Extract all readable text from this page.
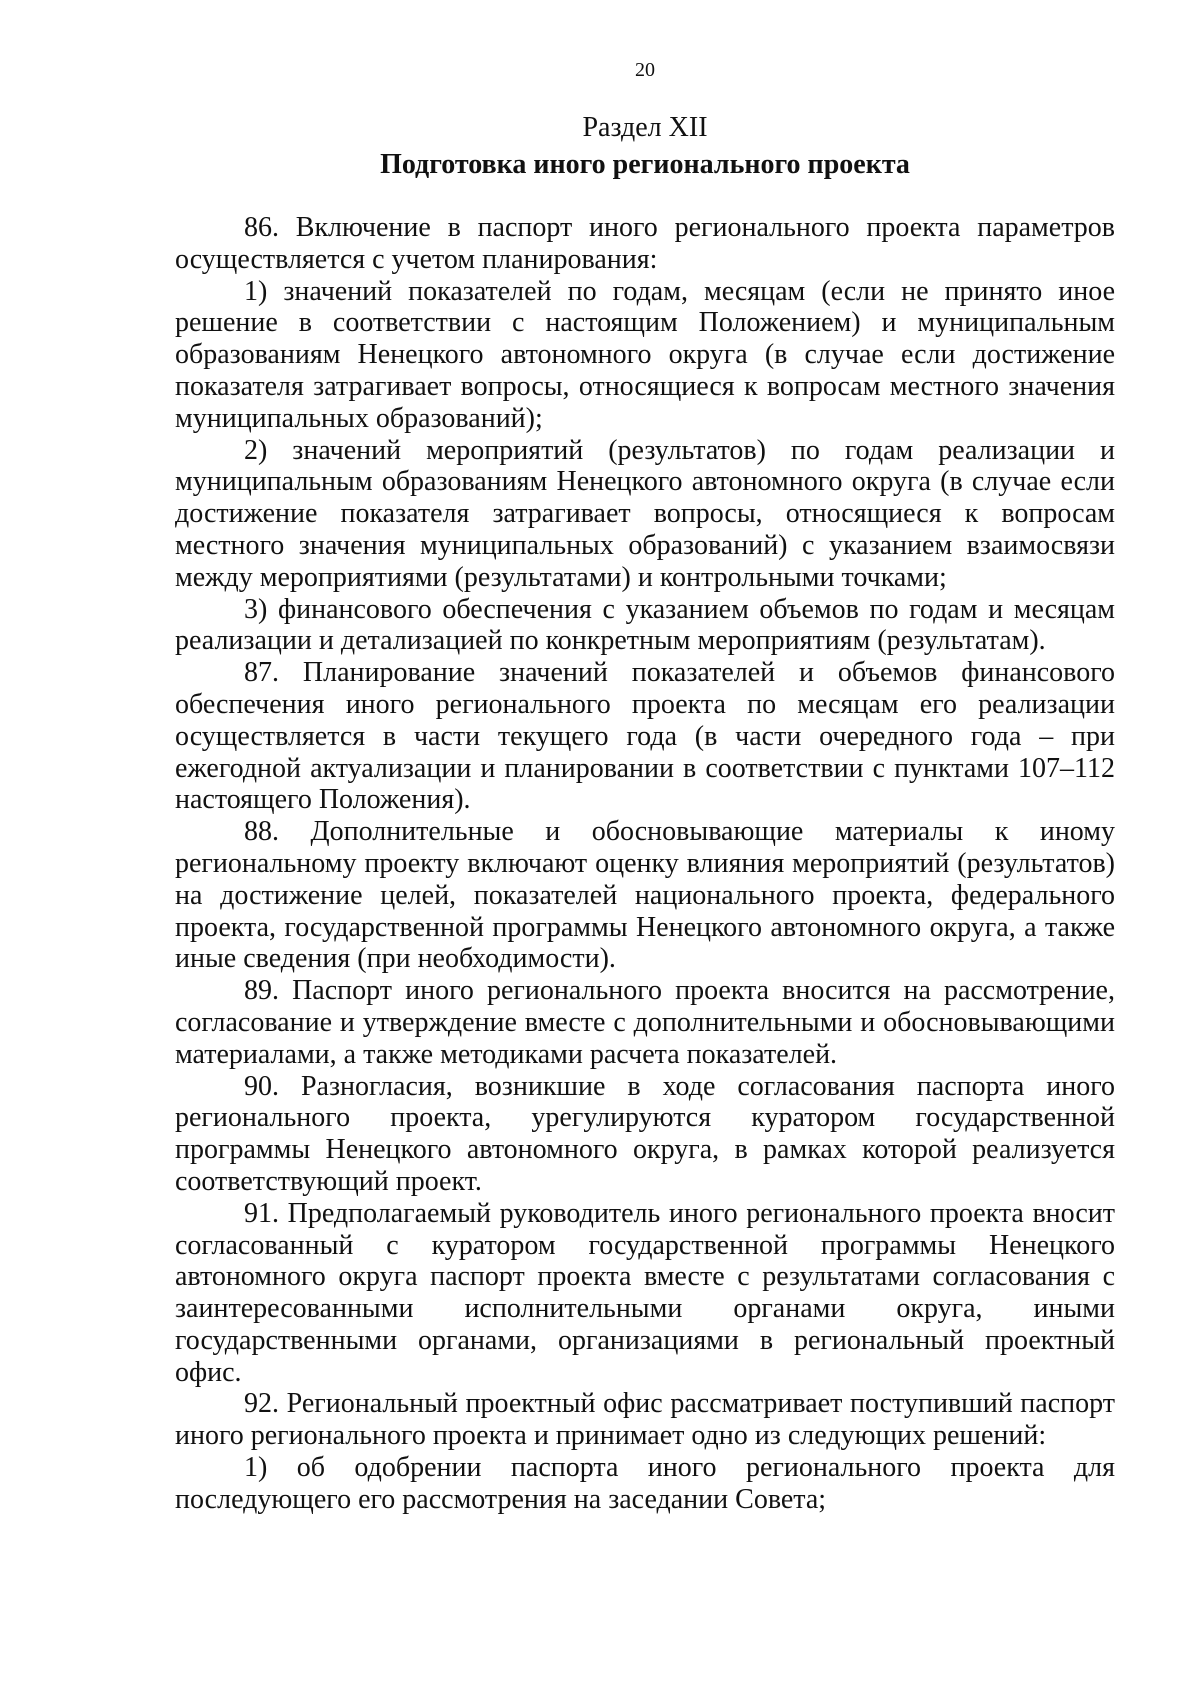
20
Раздел XII
Подготовка иного регионального проекта

86. Включение в паспорт иного регионального проекта параметров осуществляется с учетом планирования:

1) значений показателей по годам, месяцам (если не принято иное решение в соответствии с настоящим Положением) и муниципальным образованиям Ненецкого автономного округа (в случае если достижение показателя затрагивает вопросы, относящиеся к вопросам местного значения муниципальных образований);

2) значений мероприятий (результатов) по годам реализации и муниципальным образованиям Ненецкого автономного округа (в случае если достижение показателя затрагивает вопросы, относящиеся к вопросам местного значения муниципальных образований) с указанием взаимосвязи между мероприятиями (результатами) и контрольными точками;

3) финансового обеспечения с указанием объемов по годам и месяцам реализации и детализацией по конкретным мероприятиям (результатам).

87. Планирование значений показателей и объемов финансового обеспечения иного регионального проекта по месяцам его реализации осуществляется в части текущего года (в части очередного года – при ежегодной актуализации и планировании в соответствии с пунктами 107–112 настоящего Положения).

88. Дополнительные и обосновывающие материалы к иному региональному проекту включают оценку влияния мероприятий (результатов) на достижение целей, показателей национального проекта, федерального проекта, государственной программы Ненецкого автономного округа, а также иные сведения (при необходимости).

89. Паспорт иного регионального проекта вносится на рассмотрение, согласование и утверждение вместе с дополнительными и обосновывающими материалами, а также методиками расчета показателей.

90. Разногласия, возникшие в ходе согласования паспорта иного регионального проекта, урегулируются куратором государственной программы Ненецкого автономного округа, в рамках которой реализуется соответствующий проект.

91. Предполагаемый руководитель иного регионального проекта вносит согласованный с куратором государственной программы Ненецкого автономного округа паспорт проекта вместе с результатами согласования с заинтересованными исполнительными органами округа, иными государственными органами, организациями в региональный проектный офис.

92. Региональный проектный офис рассматривает поступивший паспорт иного регионального проекта и принимает одно из следующих решений:

1) об одобрении паспорта иного регионального проекта для последующего его рассмотрения на заседании Совета;
